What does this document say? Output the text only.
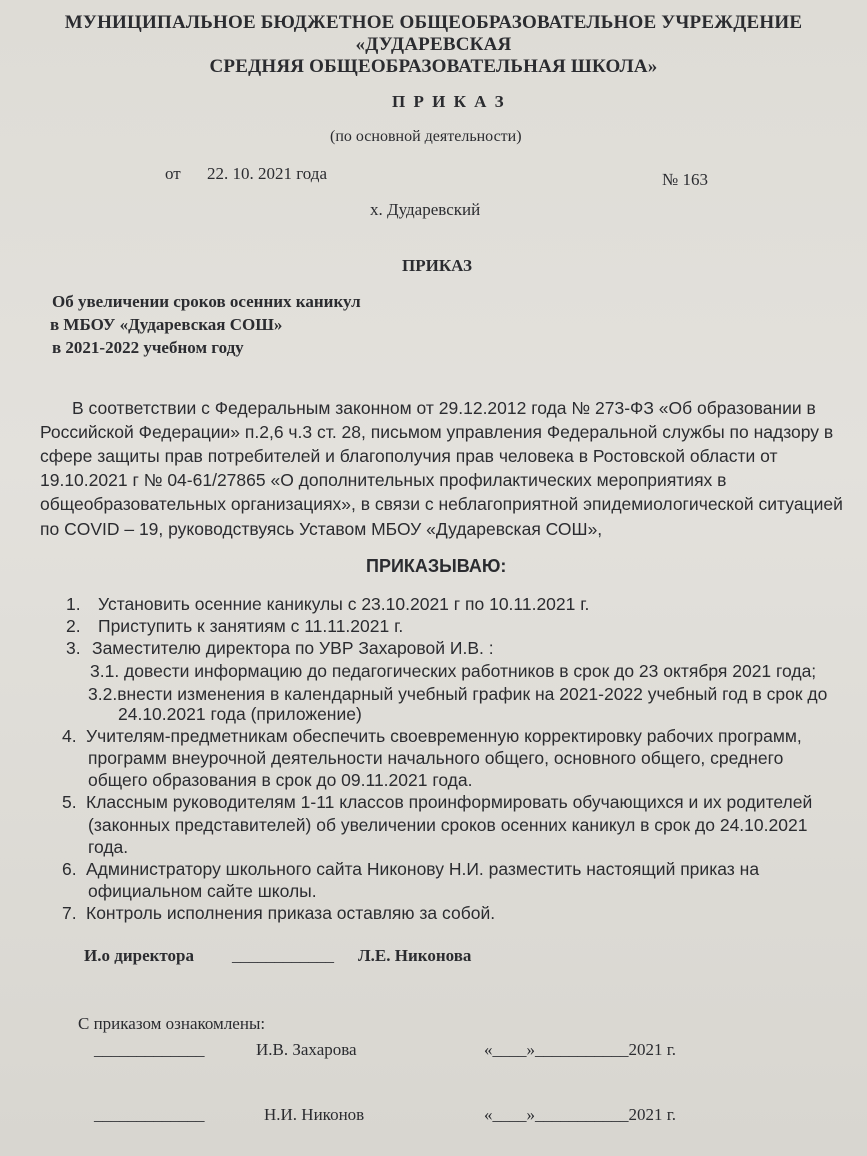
МУНИЦИПАЛЬНОЕ БЮДЖЕТНОЕ ОБЩЕОБРАЗОВАТЕЛЬНОЕ УЧРЕЖДЕНИЕ
«ДУДАРЕВСКАЯ
СРЕДНЯЯ ОБЩЕОБРАЗОВАТЕЛЬНАЯ ШКОЛА»
П Р И К А З
(по основной деятельности)
от 22. 10. 2021 года	№ 163
х. Дударевский
ПРИКАЗ
Об увеличении сроков осенних каникул
в МБОУ «Дударевская СОШ»
в 2021-2022 учебном году
В соответствии с Федеральным законном от 29.12.2012 года № 273-ФЗ «Об образовании в
Российской Федерации» п.2,6 ч.3 ст. 28, письмом управления Федеральной службы по надзору в
сфере защиты прав потребителей и благополучия прав человека в Ростовской области от
19.10.2021 г № 04-61/27865 «О дополнительных профилактических мероприятиях в
общеобразовательных организациях», в связи с неблагоприятной эпидемиологической ситуацией
по COVID – 19, руководствуясь Уставом МБОУ «Дударевская СОШ»,
ПРИКАЗЫВАЮ:
1. Установить осенние каникулы с 23.10.2021 г по 10.11.2021 г.
2. Приступить к занятиям с 11.11.2021 г.
3. Заместителю директора по УВР Захаровой И.В. :
3.1. довести информацию до педагогических работников в срок до 23 октября 2021 года;
3.2.внести изменения в календарный учебный график на 2021-2022 учебный год в срок до
24.10.2021 года (приложение)
4. Учителям-предметникам обеспечить своевременную корректировку рабочих программ,
программ внеурочной деятельности начального общего, основного общего, среднего
общего образования в срок до 09.11.2021 года.
5. Классным руководителям 1-11 классов проинформировать обучающихся и их родителей
(законных представителей) об увеличении сроков осенних каникул в срок до 24.10.2021
года.
6. Администратору школьного сайта Никонову Н.И. разместить настоящий приказ на
официальном сайте школы.
7. Контроль исполнения приказа оставляю за собой.
И.о директора ____________ Л.Е. Никонова
С приказом ознакомлены:
_____________	И.В. Захарова	«____»___________2021 г.
_____________	Н.И. Никонов	«____»___________2021 г.
